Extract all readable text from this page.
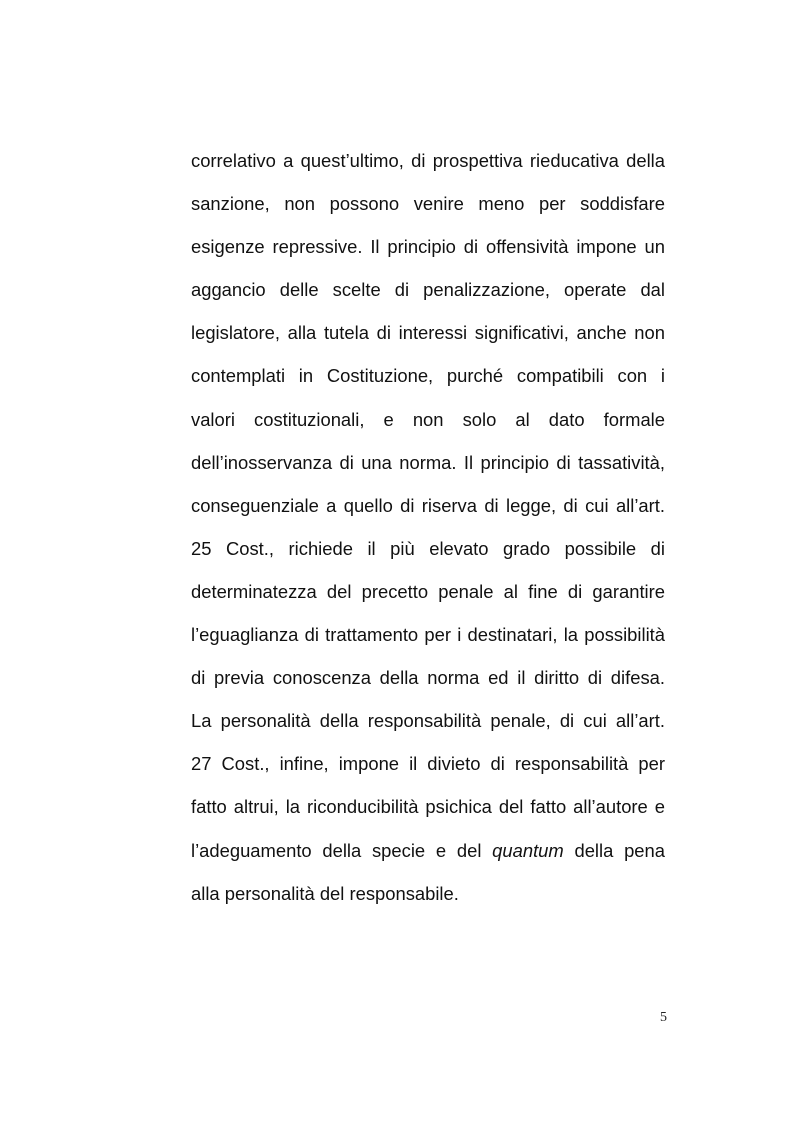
correlativo a quest’ultimo, di prospettiva rieducativa della
sanzione, non possono venire meno per soddisfare
esigenze repressive. Il principio di offensività impone un
aggancio delle scelte di penalizzazione, operate dal
legislatore, alla tutela di interessi significativi, anche non
contemplati in Costituzione, purché compatibili con i
valori costituzionali, e non solo al dato formale
dell’inosservanza di una norma. Il principio di tassatività,
conseguenziale a quello di riserva di legge, di cui all’art.
25 Cost., richiede il più elevato grado possibile di
determinatezza del precetto penale al fine di garantire
l’eguaglianza di trattamento per i destinatari, la possibilità
di previa conoscenza della norma ed il diritto di difesa.
La personalità della responsabilità penale, di cui all’art.
27 Cost., infine, impone il divieto di responsabilità per
fatto altrui, la riconducibilità psichica del fatto all’autore e
l’adeguamento della specie e del quantum della pena
alla personalità del responsabile.
5
